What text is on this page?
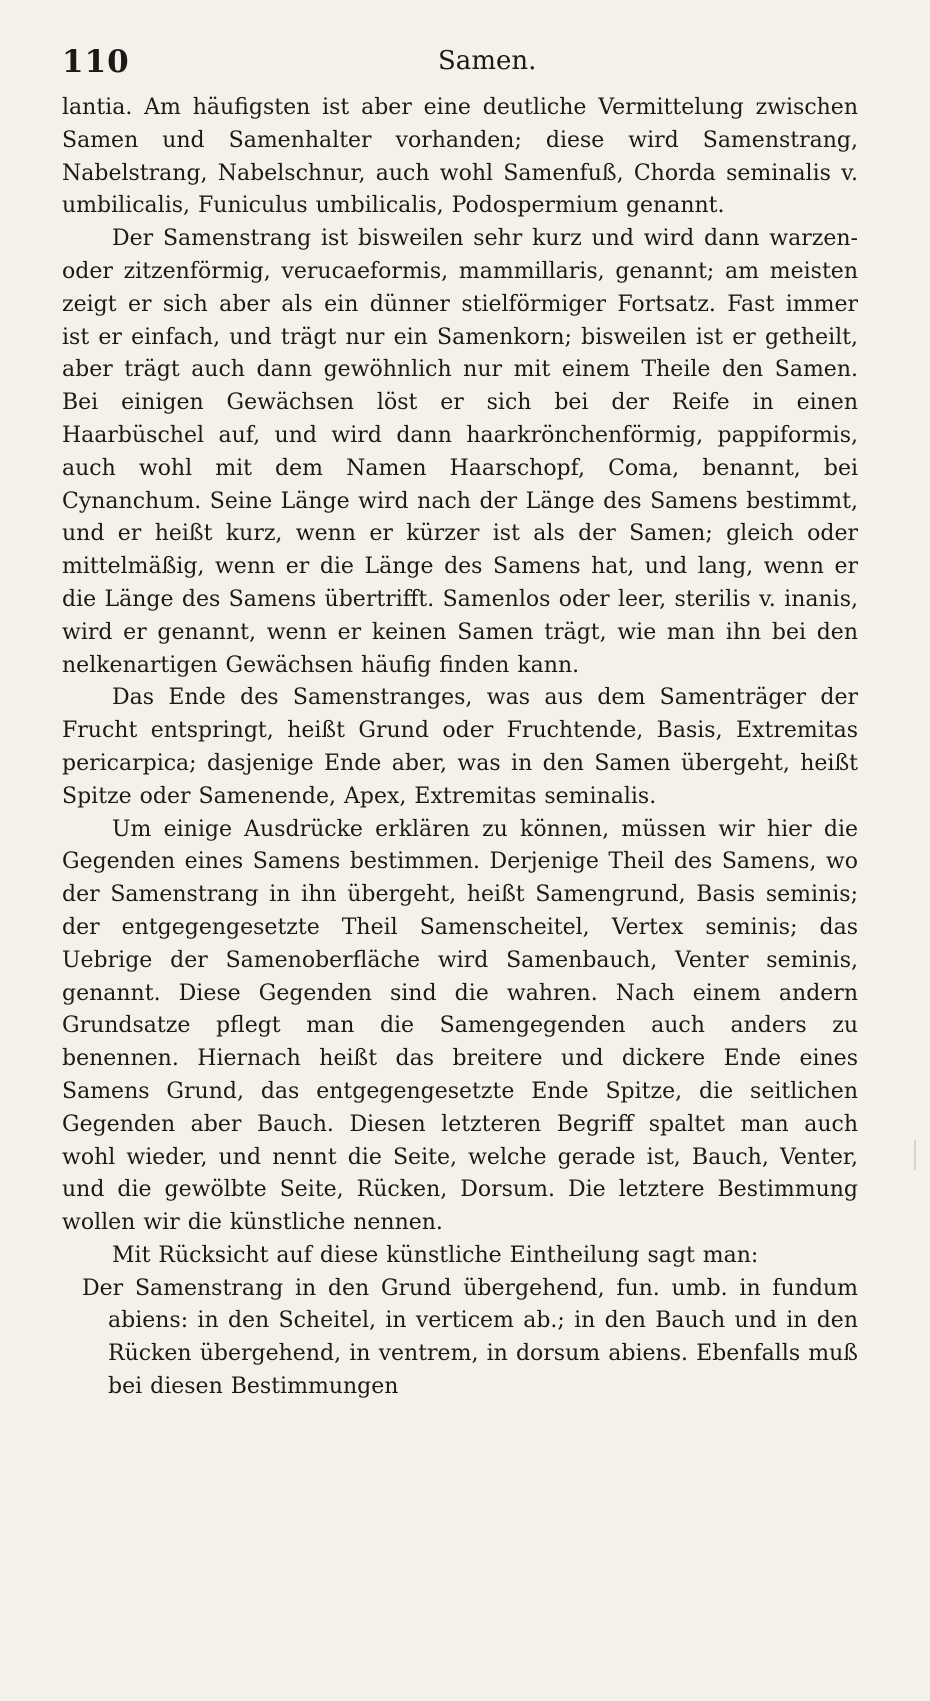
110	Samen.

lantia. Am häufigsten ist aber eine deutliche Vermittelung zwischen Samen und Samenhalter vorhanden; diese wird Samenstrang, Nabelstrang, Nabelschnur, auch wohl Samenfuß, Chorda seminalis v. umbilicalis, Funiculus umbilicalis, Podospermium genannt.

Der Samenstrang ist bisweilen sehr kurz und wird dann warzen- oder zitzenförmig, verucaeformis, mammillaris, genannt; am meisten zeigt er sich aber als ein dünner stielförmiger Fortsatz. Fast immer ist er einfach, und trägt nur ein Samenkorn; bisweilen ist er getheilt, aber trägt auch dann gewöhnlich nur mit einem Theile den Samen. Bei einigen Gewächsen löst er sich bei der Reife in einen Haarbüschel auf, und wird dann haarkrönchenförmig, pappiformis, auch wohl mit dem Namen Haarschopf, Coma, benannt, bei Cynanchum. Seine Länge wird nach der Länge des Samens bestimmt, und er heißt kurz, wenn er kürzer ist als der Samen; gleich oder mittelmäßig, wenn er die Länge des Samens hat, und lang, wenn er die Länge des Samens übertrifft. Samenlos oder leer, sterilis v. inanis, wird er genannt, wenn er keinen Samen trägt, wie man ihn bei den nelkenartigen Gewächsen häufig finden kann.

Das Ende des Samenstranges, was aus dem Samenträger der Frucht entspringt, heißt Grund oder Fruchtende, Basis, Extremitas pericarpica; dasjenige Ende aber, was in den Samen übergeht, heißt Spitze oder Samenende, Apex, Extremitas seminalis.

Um einige Ausdrücke erklären zu können, müssen wir hier die Gegenden eines Samens bestimmen. Derjenige Theil des Samens, wo der Samenstrang in ihn übergeht, heißt Samengrund, Basis seminis; der entgegengesetzte Theil Samenscheitel, Vertex seminis; das Uebrige der Samenoberfläche wird Samenbauch, Venter seminis, genannt. Diese Gegenden sind die wahren. Nach einem andern Grundsatze pflegt man die Samengegenden auch anders zu benennen. Hiernach heißt das breitere und dickere Ende eines Samens Grund, das entgegengesetzte Ende Spitze, die seitlichen Gegenden aber Bauch. Diesen letzteren Begriff spaltet man auch wohl wieder, und nennt die Seite, welche gerade ist, Bauch, Venter, und die gewölbte Seite, Rücken, Dorsum. Die letztere Bestimmung wollen wir die künstliche nennen.

Mit Rücksicht auf diese künstliche Eintheilung sagt man:

Der Samenstrang in den Grund übergehend, fun. umb. in fundum abiens: in den Scheitel, in verticem ab.; in den Bauch und in den Rücken übergehend, in ventrem, in dorsum abiens. Ebenfalls muß bei diesen Bestimmungen
